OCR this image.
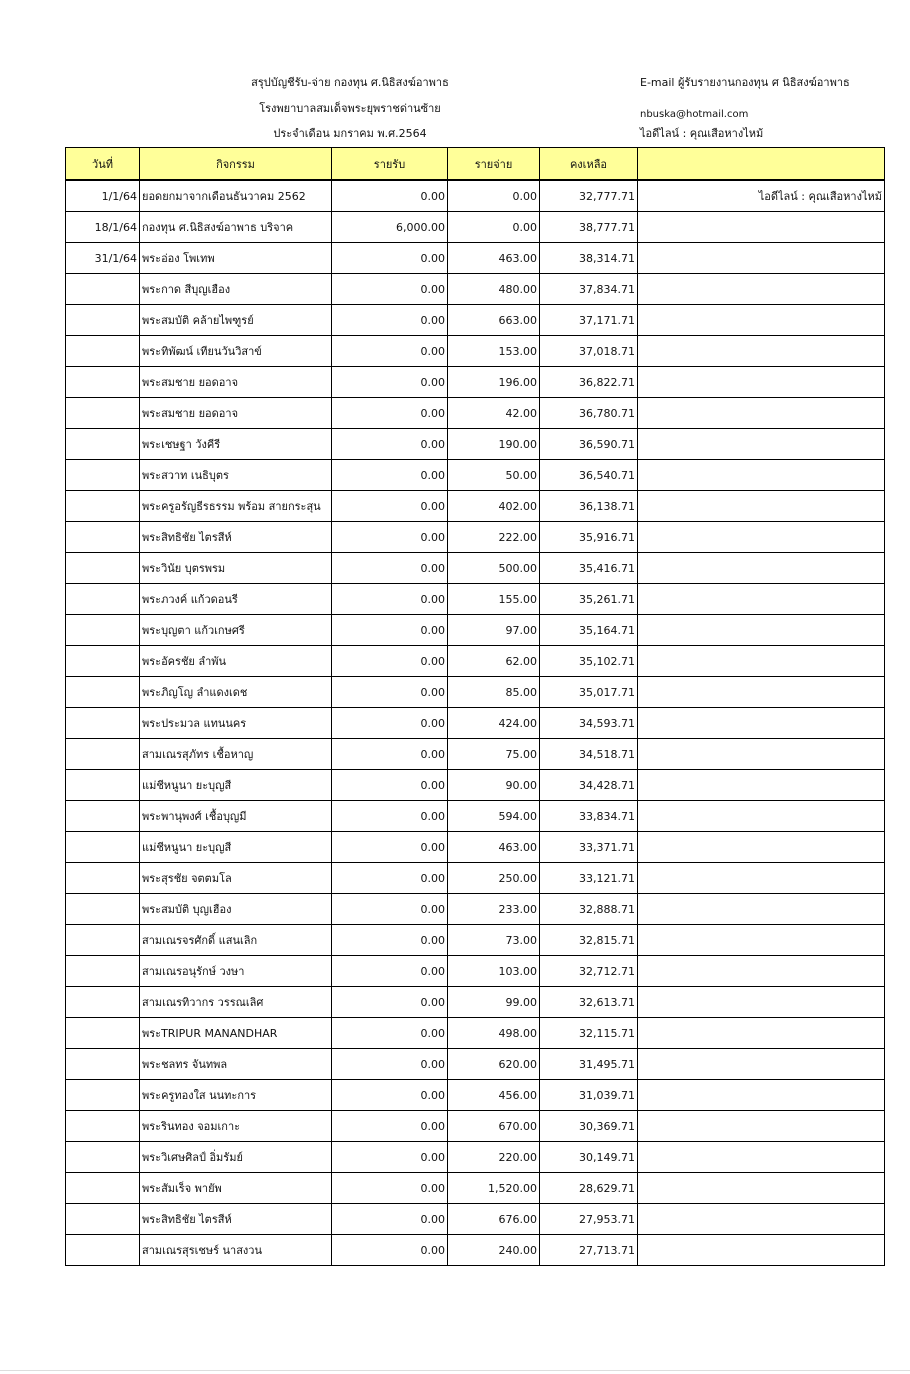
สรุปบัญชีรับ-จ่าย กองทุน ศ.นิธิสงฆ์อาพาธ
โรงพยาบาลสมเด็จพระยุพราชด่านซ้าย
ประจำเดือน มกราคม พ.ศ.2564
E-mail ผู้รับรายงานกองทุน ศ นิธิสงฆ์อาพาธ
nbuska@hotmail.com
ไอดีไลน์ : คุณเสือหางไหม้
วันที่	กิจกรรม	รายรับ	รายจ่าย	คงเหลือ	
1/1/64	ยอดยกมาจากเดือนธันวาคม 2562	0.00	0.00	32,777.71	ไอดีไลน์ : คุณเสือหางไหม้
18/1/64	กองทุน ศ.นิธิสงฆ์อาพาธ บริจาค	6,000.00	0.00	38,777.71	
31/1/64	พระอ่อง โพเทพ	0.00	463.00	38,314.71	
	พระกาด สีบุญเฮือง	0.00	480.00	37,834.71	
	พระสมบัติ คล้ายไพฑูรย์	0.00	663.00	37,171.71	
	พระทิพัฒน์ เทียนวันวิสาข์	0.00	153.00	37,018.71	
	พระสมชาย ยอดอาจ	0.00	196.00	36,822.71	
	พระสมชาย ยอดอาจ	0.00	42.00	36,780.71	
	พระเชษฐา วังคีรี	0.00	190.00	36,590.71	
	พระสวาท เนธิบุตร	0.00	50.00	36,540.71	
	พระครูอรัญธีรธรรม พร้อม สายกระสุน	0.00	402.00	36,138.71	
	พระสิทธิชัย ไตรสีห์	0.00	222.00	35,916.71	
	พระวินัย บุตรพรม	0.00	500.00	35,416.71	
	พระภวงค์ แก้วดอนรี	0.00	155.00	35,261.71	
	พระบุญตา แก้วเกษศรี	0.00	97.00	35,164.71	
	พระอัครชัย ลำพัน	0.00	62.00	35,102.71	
	พระภิญโญ ลำแดงเดช	0.00	85.00	35,017.71	
	พระประมวล แทนนคร	0.00	424.00	34,593.71	
	สามเณรสุภัทร เชื้อหาญ	0.00	75.00	34,518.71	
	แม่ชีหนูนา ยะบุญสี	0.00	90.00	34,428.71	
	พระพานุพงศ์ เชื้อบุญมี	0.00	594.00	33,834.71	
	แม่ชีหนูนา ยะบุญสี	0.00	463.00	33,371.71	
	พระสุรชัย จตตมโล	0.00	250.00	33,121.71	
	พระสมบัติ บุญเฮือง	0.00	233.00	32,888.71	
	สามเณรจรศักดิ์ แสนเลิก	0.00	73.00	32,815.71	
	สามเณรอนุรักษ์ วงษา	0.00	103.00	32,712.71	
	สามเณรทิวากร วรรณเลิศ	0.00	99.00	32,613.71	
	พระTRIPUR MANANDHAR	0.00	498.00	32,115.71	
	พระชลทร จันทพล	0.00	620.00	31,495.71	
	พระครูทองใส นนทะการ	0.00	456.00	31,039.71	
	พระรินทอง จอมเกาะ	0.00	670.00	30,369.71	
	พระวิเศษศิลป์ อิ่มรัมย์	0.00	220.00	30,149.71	
	พระสัมเร็จ พายัพ	0.00	1,520.00	28,629.71	
	พระสิทธิชัย ไตรสีห์	0.00	676.00	27,953.71	
	สามเณรสุรเชษร์ นาสงวน	0.00	240.00	27,713.71	
